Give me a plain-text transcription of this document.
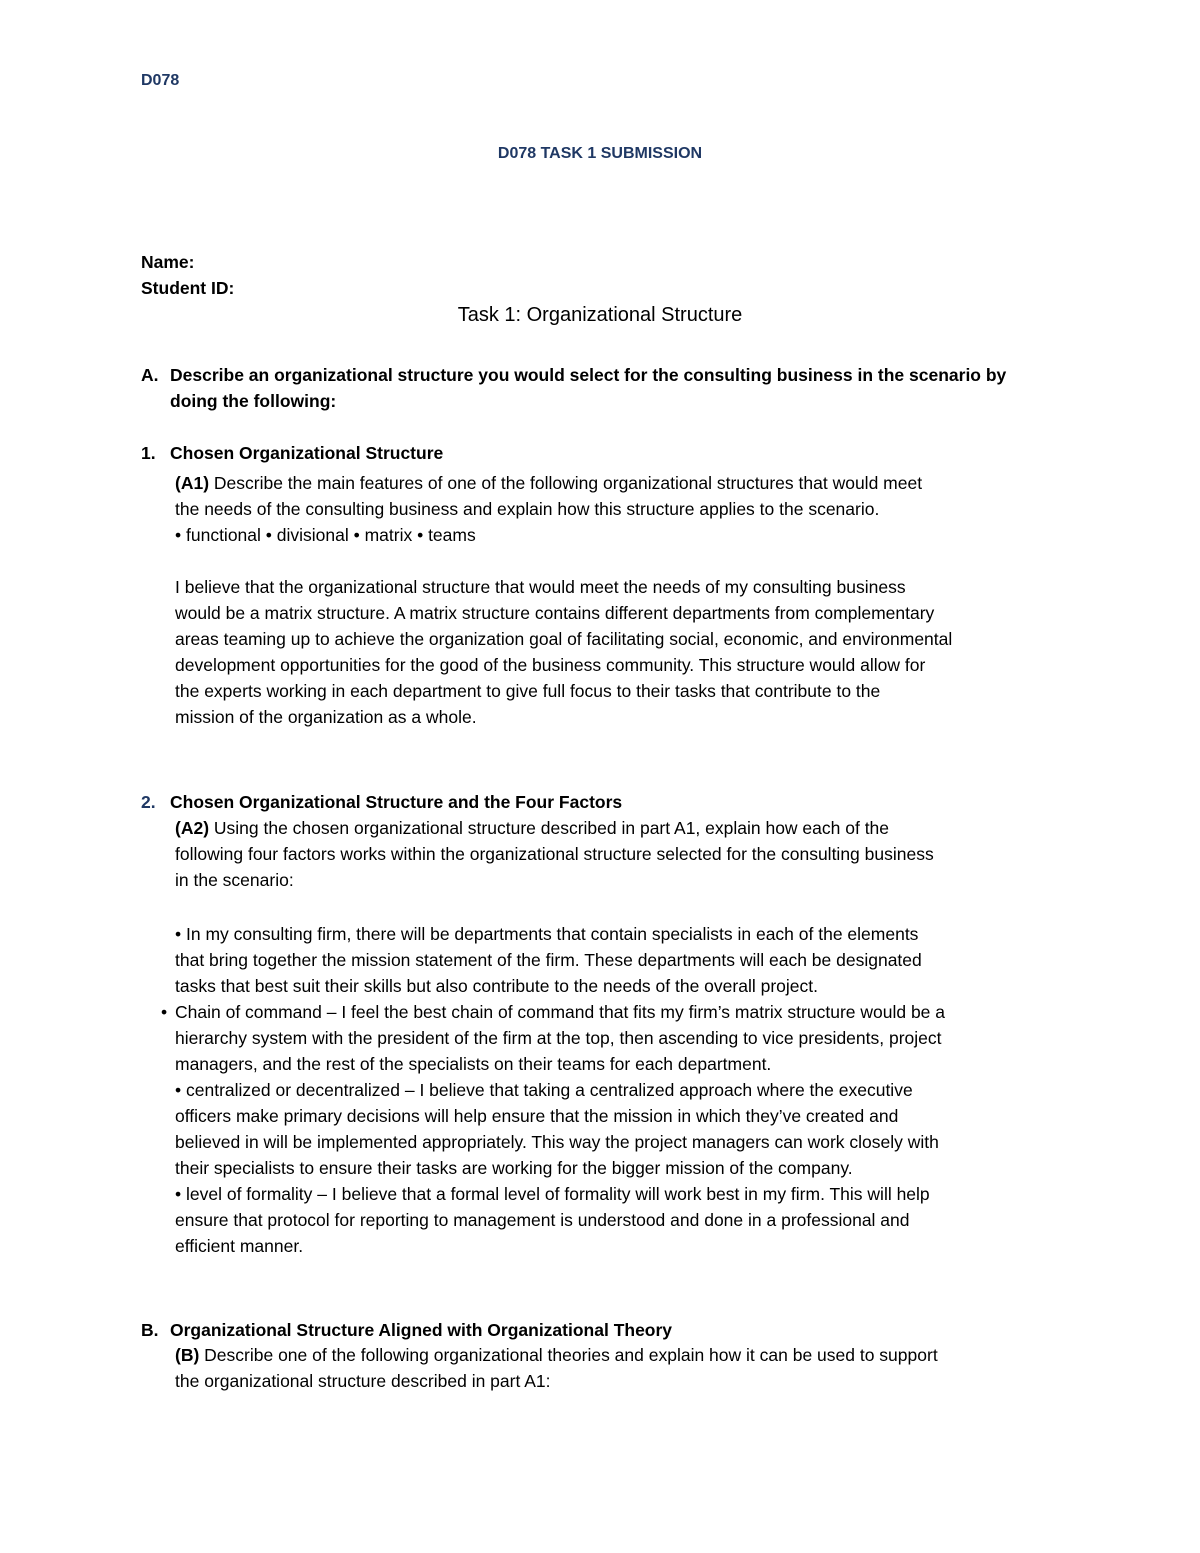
D078
D078 TASK 1 SUBMISSION
Name:
Student ID:
Task 1: Organizational Structure
A. Describe an organizational structure you would select for the consulting business in the scenario by
doing the following:
1. Chosen Organizational Structure
(A1) Describe the main features of one of the following organizational structures that would meet
the needs of the consulting business and explain how this structure applies to the scenario.
• functional • divisional • matrix • teams
I believe that the organizational structure that would meet the needs of my consulting business
would be a matrix structure. A matrix structure contains different departments from complementary
areas teaming up to achieve the organization goal of facilitating social, economic, and environmental
development opportunities for the good of the business community. This structure would allow for
the experts working in each department to give full focus to their tasks that contribute to the
mission of the organization as a whole.
2. Chosen Organizational Structure and the Four Factors
(A2) Using the chosen organizational structure described in part A1, explain how each of the
following four factors works within the organizational structure selected for the consulting business
in the scenario:
• In my consulting firm, there will be departments that contain specialists in each of the elements
that bring together the mission statement of the firm. These departments will each be designated
tasks that best suit their skills but also contribute to the needs of the overall project.
• Chain of command – I feel the best chain of command that fits my firm’s matrix structure would be a
hierarchy system with the president of the firm at the top, then ascending to vice presidents, project
managers, and the rest of the specialists on their teams for each department.
• centralized or decentralized – I believe that taking a centralized approach where the executive
officers make primary decisions will help ensure that the mission in which they’ve created and
believed in will be implemented appropriately. This way the project managers can work closely with
their specialists to ensure their tasks are working for the bigger mission of the company.
• level of formality – I believe that a formal level of formality will work best in my firm. This will help
ensure that protocol for reporting to management is understood and done in a professional and
efficient manner.
B. Organizational Structure Aligned with Organizational Theory
(B) Describe one of the following organizational theories and explain how it can be used to support
the organizational structure described in part A1:
